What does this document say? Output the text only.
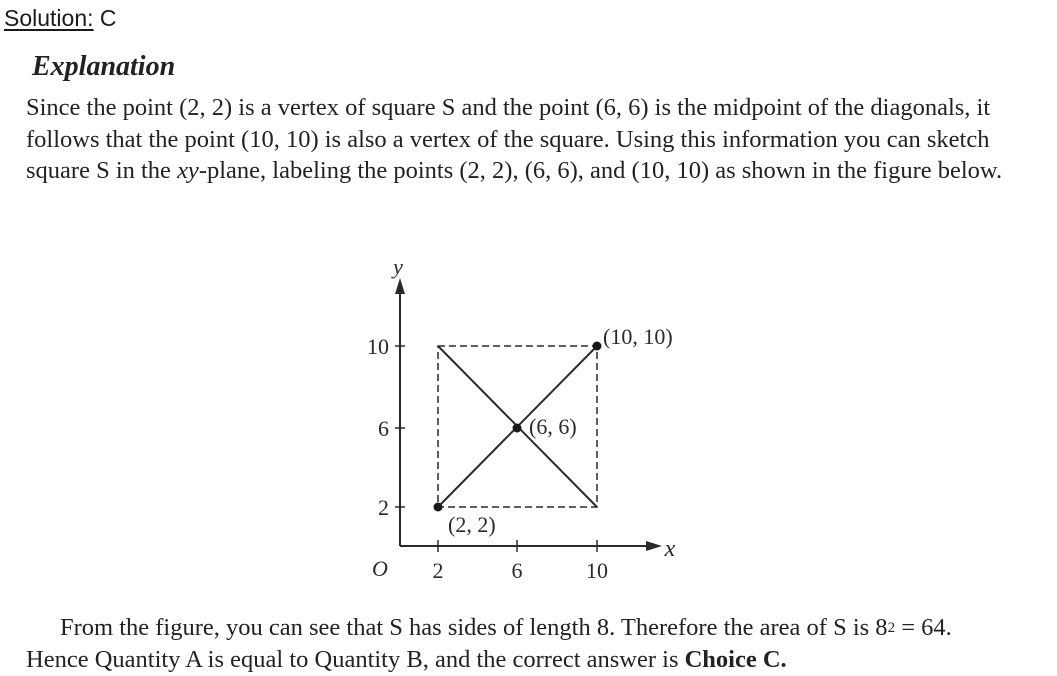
Solution: C
Explanation

Since the point (2, 2) is a vertex of square S and the point (6, 6) is the midpoint of the diagonals, it follows that the point (10, 10) is also a vertex of the square. Using this information you can sketch square S in the xy-plane, labeling the points (2, 2), (6, 6), and (10, 10) as shown in the figure below.

y
x
O
10
6
2
2	6	10
(2, 2)
(6, 6)
(10, 10)
From the figure, you can see that S has sides of length 8. Therefore the area of S is $8^2 = 64$.
Hence Quantity A is equal to Quantity B, and the correct answer is Choice C.
